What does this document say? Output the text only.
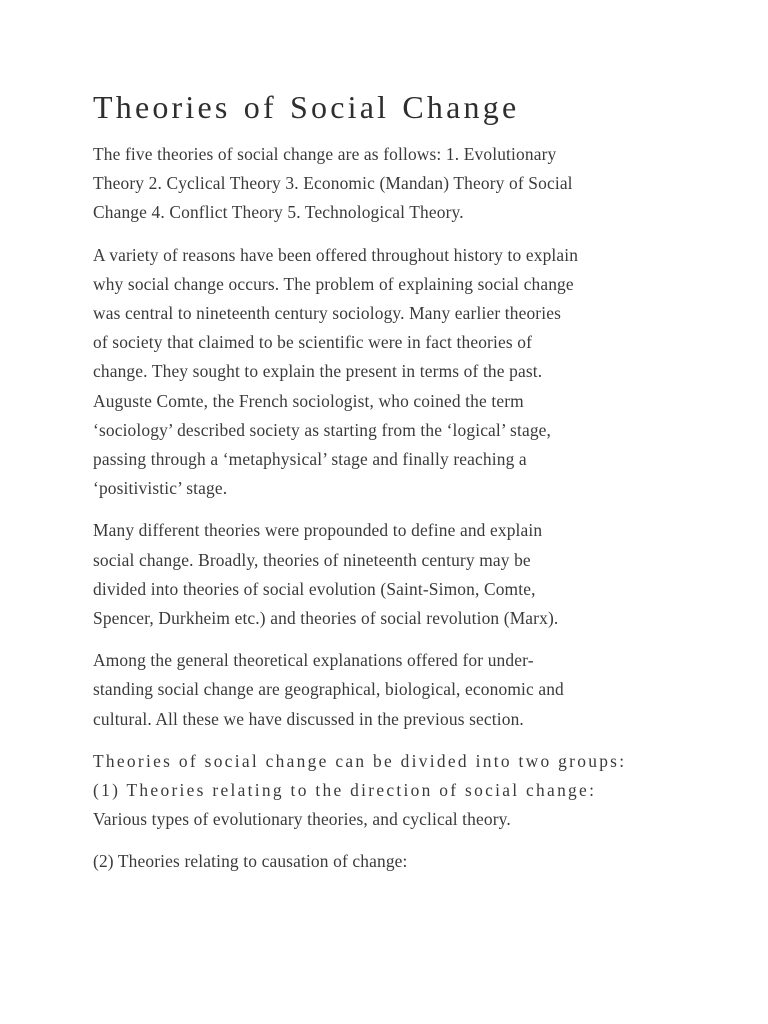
Theories of Social Change

The five theories of social change are as follows: 1. Evolutionary
Theory 2. Cyclical Theory 3. Economic (Mandan) Theory of Social
Change 4. Conflict Theory 5. Technological Theory.

A variety of reasons have been offered throughout history to explain
why social change occurs. The problem of explaining social change
was central to nineteenth century sociology. Many earlier theories
of society that claimed to be scientific were in fact theories of
change. They sought to explain the present in terms of the past.
Auguste Comte, the French sociologist, who coined the term
‘sociology’ described society as starting from the ‘logical’ stage,
passing through a ‘metaphysical’ stage and finally reaching a
‘positivistic’ stage.

Many different theories were propounded to define and explain
social change. Broadly, theories of nineteenth century may be
divided into theories of social evolution (Saint-Simon, Comte,
Spencer, Durkheim etc.) and theories of social revolution (Marx).

Among the general theoretical explanations offered for under-
standing social change are geographical, biological, economic and
cultural. All these we have discussed in the previous section.

Theories of social change can be divided into two groups:
(1) Theories relating to the direction of social change:
Various types of evolutionary theories, and cyclical theory.

(2) Theories relating to causation of change:
